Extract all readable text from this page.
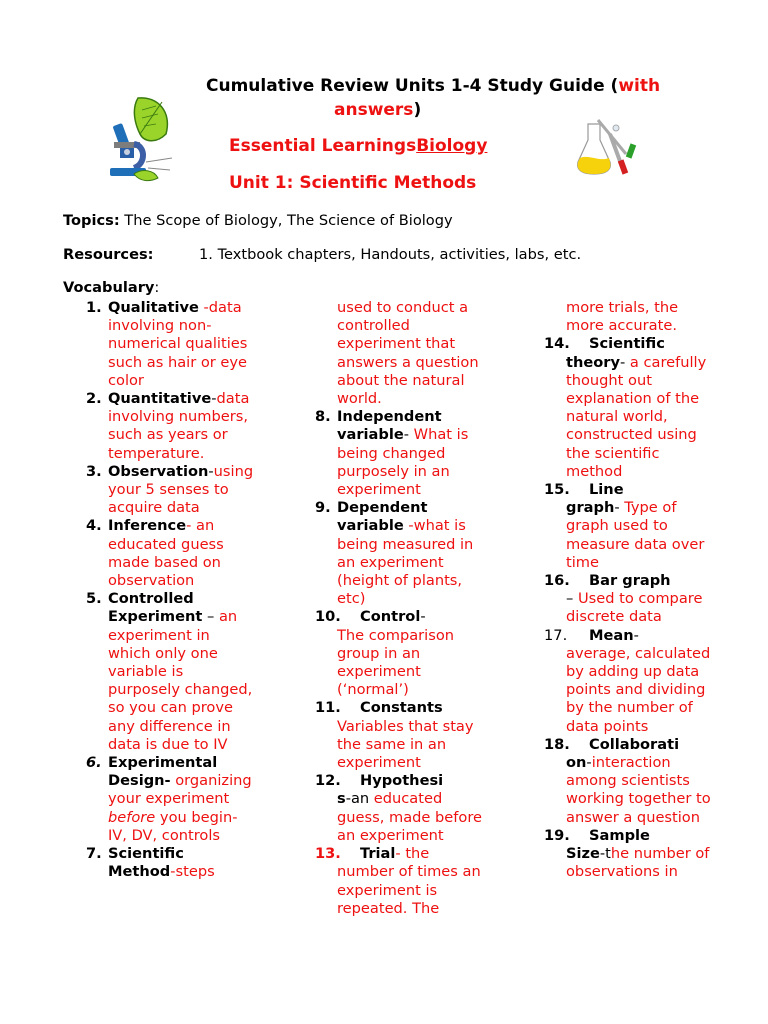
Cumulative Review Units 1-4 Study Guide (with
answers)
Essential LearningsBiology
Unit 1: Scientific Methods
Topics: The Scope of Biology, The Science of Biology
Resources:	1. Textbook chapters, Handouts, activities, labs, etc.
Vocabulary:
1. Qualitative -data involving non-numerical qualities such as hair or eye color
2. Quantitative-data involving numbers, such as years or temperature.
3. Observation-using your 5 senses to acquire data
4. Inference- an educated guess made based on observation
5. Controlled Experiment – an experiment in which only one variable is purposely changed, so you can prove any difference in data is due to IV
6. Experimental Design- organizing your experiment before you begin- IV, DV, controls
7. Scientific Method-steps
used to conduct a controlled experiment that answers a question about the natural world.
8. Independent variable- What is being changed purposely in an experiment
9. Dependent variable -what is being measured in an experiment (height of plants, etc)
10.	Control-
The comparison group in an experiment (‘normal’)
11.	Constants
Variables that stay the same in an experiment
12.	Hypothesi
s-an educated guess, made before an experiment
13.	Trial- the
number of times an experiment is repeated. The
more trials, the more accurate.
14.	Scientific
theory- a carefully thought out explanation of the natural world, constructed using the scientific method
15.	Line
graph- Type of graph used to measure data over time
16.	Bar graph
– Used to compare discrete data
17.	Mean-
average, calculated by adding up data points and dividing by the number of data points
18.	Collaborati
on-interaction among scientists working together to answer a question
19.	Sample
Size-the number of observations in
